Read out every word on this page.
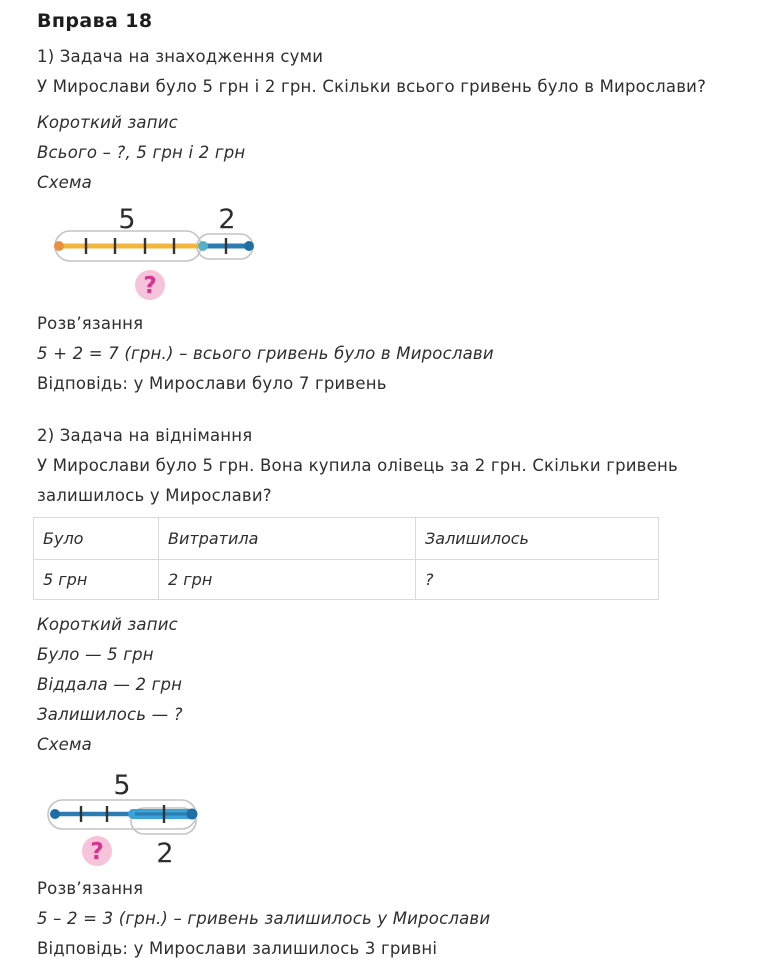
Вправа 18
1) Задача на знаходження суми
У Мирослави було 5 грн і 2 грн. Скільки всього гривень було в Мирослави?
Короткий запис
Всього – ?, 5 грн і 2 грн
Схема
5	2
?
Розв’язання
5 + 2 = 7 (грн.) – всього гривень було в Мирослави
Відповідь: у Мирослави було 7 гривень
2) Задача на віднімання
У Мирослави було 5 грн. Вона купила олівець за 2 грн. Скільки гривень залишилось у Мирослави?
Було	Витратила	Залишилось
5 грн	2 грн	?
Короткий запис
Було — 5 грн
Віддала — 2 грн
Залишилось — ?
Схема
5
? 2
Розв’язання
5 – 2 = 3 (грн.) – гривень залишилось у Мирослави
Відповідь: у Мирослави залишилось 3 гривні
